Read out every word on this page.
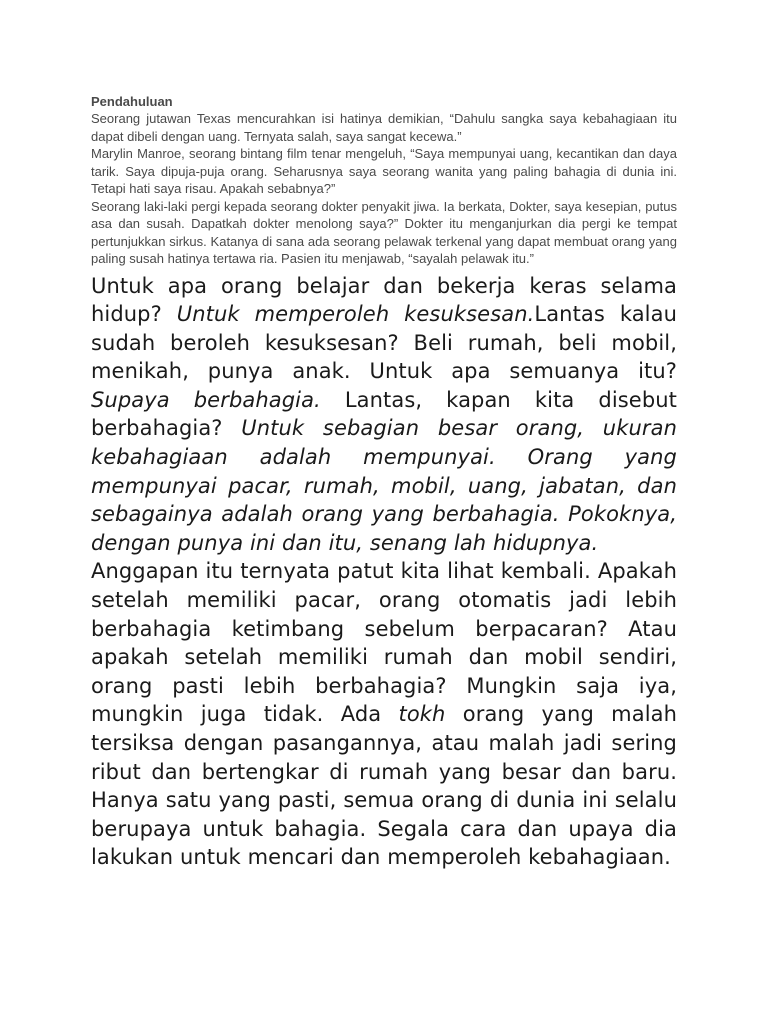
Pendahuluan

Seorang jutawan Texas mencurahkan isi hatinya demikian, “Dahulu sangka saya kebahagiaan itu dapat dibeli dengan uang. Ternyata salah, saya sangat kecewa.”

Marylin Manroe, seorang bintang film tenar mengeluh, “Saya mempunyai uang, kecantikan dan daya tarik. Saya dipuja-puja orang. Seharusnya saya seorang wanita yang paling bahagia di dunia ini. Tetapi hati saya risau. Apakah sebabnya?”

Seorang laki-laki pergi kepada seorang dokter penyakit jiwa. Ia berkata, Dokter, saya kesepian, putus asa dan susah. Dapatkah dokter menolong saya?” Dokter itu menganjurkan dia pergi ke tempat pertunjukkan sirkus. Katanya di sana ada seorang pelawak terkenal yang dapat membuat orang yang paling susah hatinya tertawa ria. Pasien itu menjawab, “sayalah pelawak itu.”

Untuk apa orang belajar dan bekerja keras selama hidup? Untuk memperoleh kesuksesan.Lantas kalau sudah beroleh kesuksesan? Beli rumah, beli mobil, menikah, punya anak. Untuk apa semuanya itu? Supaya berbahagia. Lantas, kapan kita disebut berbahagia? Untuk sebagian besar orang, ukuran kebahagiaan adalah mempunyai. Orang yang mempunyai pacar, rumah, mobil, uang, jabatan, dan sebagainya adalah orang yang berbahagia. Pokoknya, dengan punya ini dan itu, senang lah hidupnya.

Anggapan itu ternyata patut kita lihat kembali. Apakah setelah memiliki pacar, orang otomatis jadi lebih berbahagia ketimbang sebelum berpacaran? Atau apakah setelah memiliki rumah dan mobil sendiri, orang pasti lebih berbahagia? Mungkin saja iya, mungkin juga tidak. Ada tokh orang yang malah tersiksa dengan pasangannya, atau malah jadi sering ribut dan bertengkar di rumah yang besar dan baru. Hanya satu yang pasti, semua orang di dunia ini selalu berupaya untuk bahagia. Segala cara dan upaya dia lakukan untuk mencari dan memperoleh kebahagiaan.
